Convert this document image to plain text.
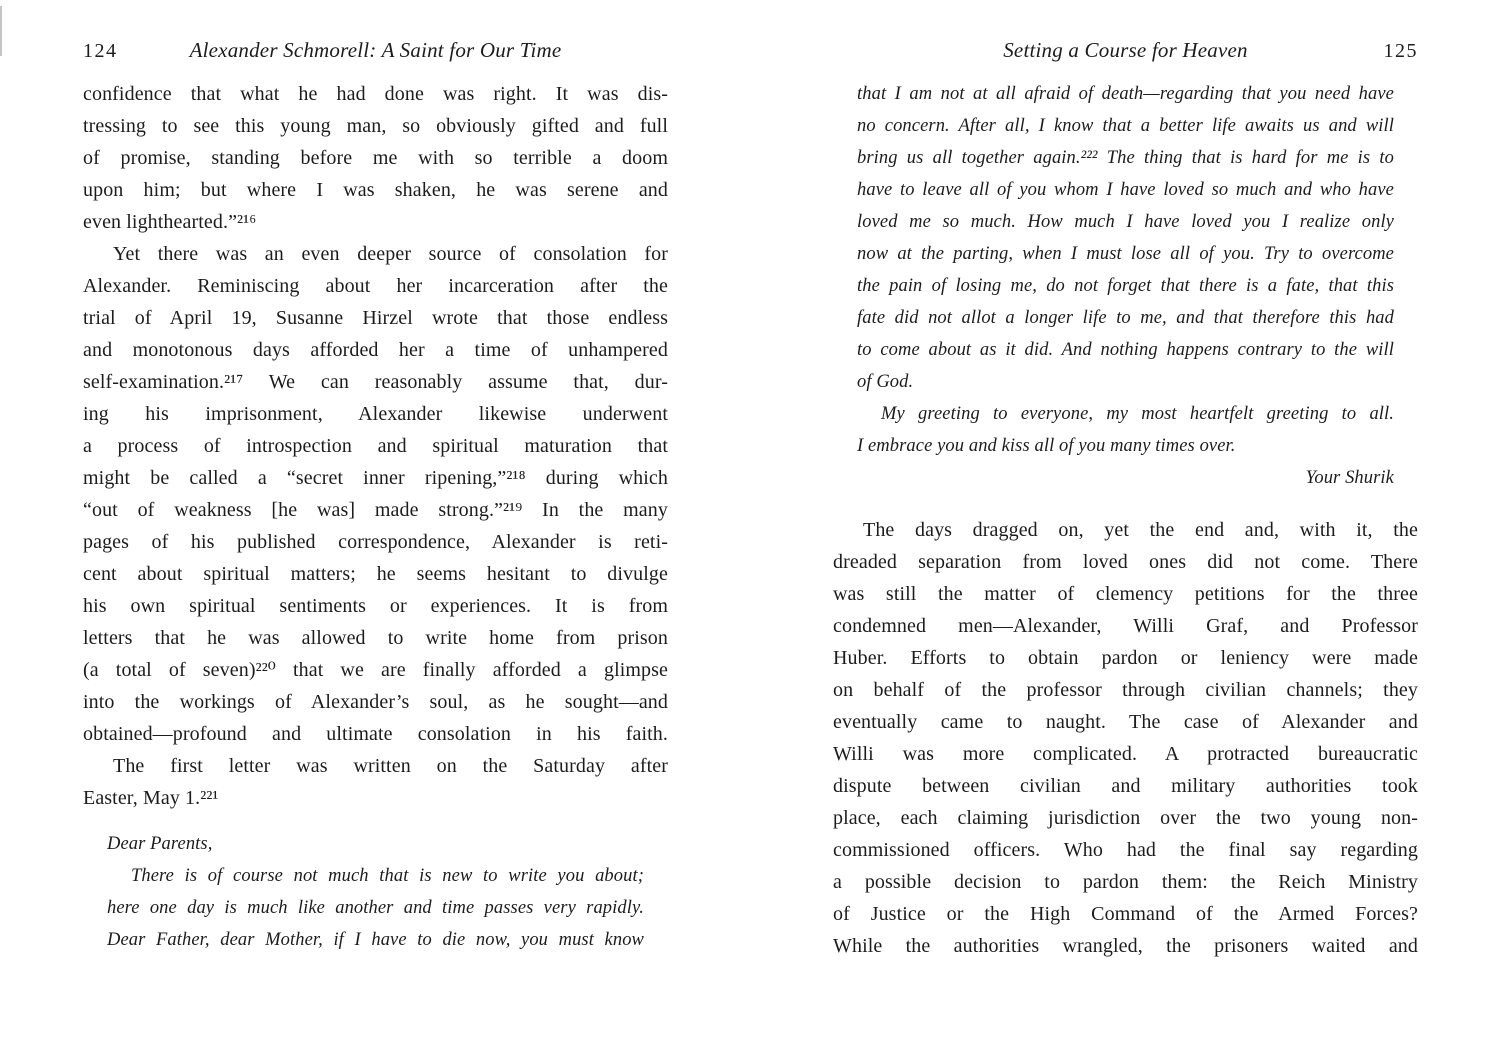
124	Alexander Schmorell: A Saint for Our Time
confidence that what he had done was right. It was dis-
tressing to see this young man, so obviously gifted and full
of promise, standing before me with so terrible a doom
upon him; but where I was shaken, he was serene and
even lighthearted.”²¹⁶
Yet there was an even deeper source of consolation for
Alexander. Reminiscing about her incarceration after the
trial of April 19, Susanne Hirzel wrote that those endless
and monotonous days afforded her a time of unhampered
self-examination.²¹⁷ We can reasonably assume that, dur-
ing his imprisonment, Alexander likewise underwent
a process of introspection and spiritual maturation that
might be called a “secret inner ripening,”²¹⁸ during which
“out of weakness [he was] made strong.”²¹⁹ In the many
pages of his published correspondence, Alexander is reti-
cent about spiritual matters; he seems hesitant to divulge
his own spiritual sentiments or experiences. It is from
letters that he was allowed to write home from prison
(a total of seven)²²⁰ that we are finally afforded a glimpse
into the workings of Alexander’s soul, as he sought—and
obtained—profound and ultimate consolation in his faith.
The first letter was written on the Saturday after
Easter, May 1.²²¹
Dear Parents,
There is of course not much that is new to write you about;
here one day is much like another and time passes very rapidly.
Dear Father, dear Mother, if I have to die now, you must know
Setting a Course for Heaven	125
that I am not at all afraid of death—regarding that you need have
no concern. After all, I know that a better life awaits us and will
bring us all together again.²²² The thing that is hard for me is to
have to leave all of you whom I have loved so much and who have
loved me so much. How much I have loved you I realize only
now at the parting, when I must lose all of you. Try to overcome
the pain of losing me, do not forget that there is a fate, that this
fate did not allot a longer life to me, and that therefore this had
to come about as it did. And nothing happens contrary to the will
of God.
My greeting to everyone, my most heartfelt greeting to all.
I embrace you and kiss all of you many times over.
Your Shurik
The days dragged on, yet the end and, with it, the
dreaded separation from loved ones did not come. There
was still the matter of clemency petitions for the three
condemned men—Alexander, Willi Graf, and Professor
Huber. Efforts to obtain pardon or leniency were made
on behalf of the professor through civilian channels; they
eventually came to naught. The case of Alexander and
Willi was more complicated. A protracted bureaucratic
dispute between civilian and military authorities took
place, each claiming jurisdiction over the two young non-
commissioned officers. Who had the final say regarding
a possible decision to pardon them: the Reich Ministry
of Justice or the High Command of the Armed Forces?
While the authorities wrangled, the prisoners waited and
